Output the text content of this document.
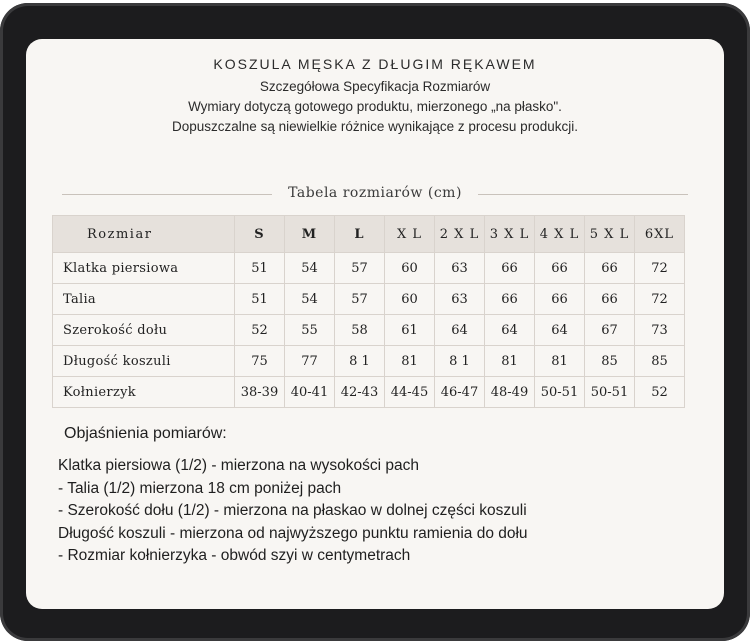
KOSZULA MĘSKA Z DŁUGIM RĘKAWEM
Szczegółowa Specyfikacja Rozmiarów
Wymiary dotyczą gotowego produktu, mierzonego „na płasko".
Dopuszczalne są niewielkie różnice wynikające z procesu produkcji.
Tabela rozmiarów (cm)
Rozmiar	S	M	L	X L	2 X L	3 X L	4 X L	5 X L	6XL
Klatka piersiowa	51	54	57	60	63	66	66	66	72
Talia	51	54	57	60	63	66	66	66	72
Szerokość dołu	52	55	58	61	64	64	64	67	73
Długość koszuli	75	77	8 1	81	8 1	81	81	85	85
Kołnierzyk	38-39	40-41	42-43	44-45	46-47	48-49	50-51	50-51	52
Objaśnienia pomiarów:
Klatka piersiowa (1/2) - mierzona na wysokości pach
- Talia (1/2) mierzona 18 cm poniżej pach
- Szerokość dołu (1/2) - mierzona na płaskao w dolnej części koszuli
Długość koszuli - mierzona od najwyższego punktu ramienia do dołu
- Rozmiar kołnierzyka - obwód szyi w centymetrach
